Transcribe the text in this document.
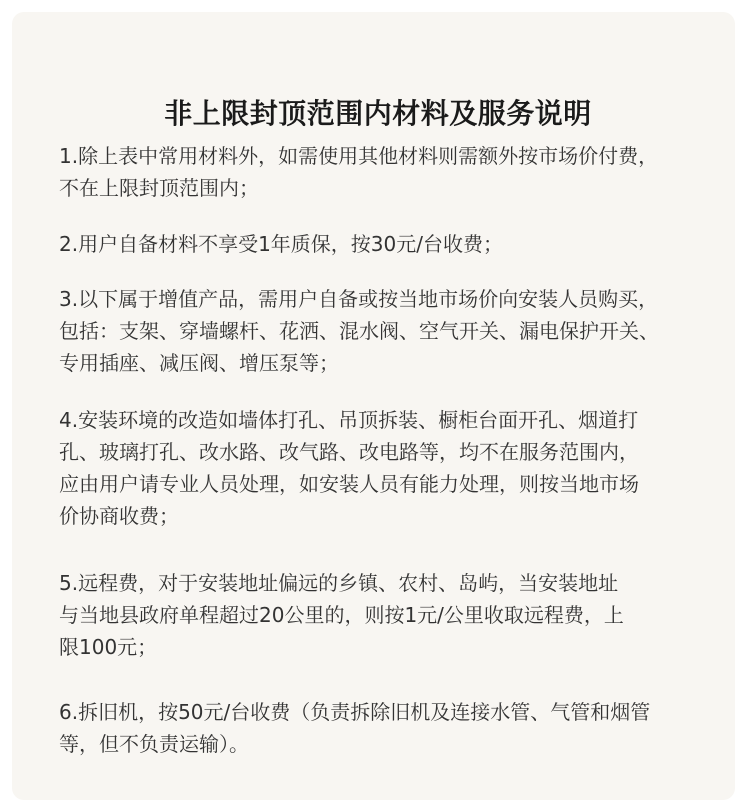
非上限封顶范围内材料及服务说明

1.除上表中常用材料外，如需使用其他材料则需额外按市场价付费，

不在上限封顶范围内；

2.用户自备材料不享受1年质保，按30元/台收费；

3.以下属于增值产品，需用户自备或按当地市场价向安装人员购买，

包括：支架、穿墙螺杆、花洒、混水阀、空气开关、漏电保护开关、

专用插座、减压阀、增压泵等；

4.安装环境的改造如墙体打孔、吊顶拆装、橱柜台面开孔、烟道打

孔、玻璃打孔、改水路、改气路、改电路等，均不在服务范围内，

应由用户请专业人员处理，如安装人员有能力处理，则按当地市场

价协商收费；

5.远程费，对于安装地址偏远的乡镇、农村、岛屿，当安装地址

与当地县政府单程超过20公里的，则按1元/公里收取远程费，上

限100元；

6.拆旧机，按50元/台收费（负责拆除旧机及连接水管、气管和烟管

等，但不负责运输）。
